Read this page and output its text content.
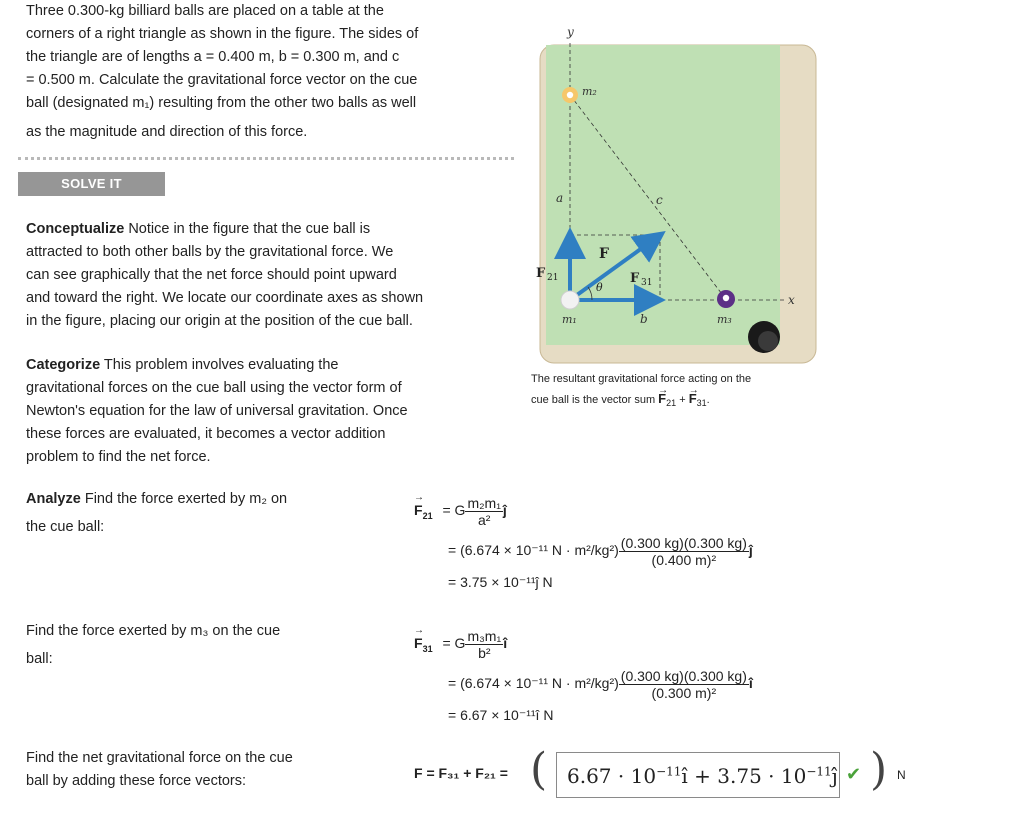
Three 0.300-kg billiard balls are placed on a table at the
corners of a right triangle as shown in the figure. The sides of
the triangle are of lengths a = 0.400 m, b = 0.300 m, and c
= 0.500 m. Calculate the gravitational force vector on the cue
ball (designated m₁) resulting from the other two balls as well
as the magnitude and direction of this force.
SOLVE IT
Conceptualize Notice in the figure that the cue ball is
attracted to both other balls by the gravitational force. We
can see graphically that the net force should point upward
and toward the right. We locate our coordinate axes as shown
in the figure, placing our origin at the position of the cue ball.
Categorize This problem involves evaluating the
gravitational forces on the cue ball using the vector form of
Newton's equation for the law of universal gravitation. Once
these forces are evaluated, it becomes a vector addition
problem to find the net force.
Analyze Find the force exerted by m₂ on
the cue ball:
Find the force exerted by m₃ on the cue
ball:
Find the net gravitational force on the cue
ball by adding these force vectors:
→ $F_{21} = G \frac{\text{m₂m₁}}{\text{a²}}$ ĵ
= (6.674 × 10⁻¹¹ $N \cdot m^2/kg^2) \frac{(0.300 kg)(0.300 kg)}{\text{(0.400 m)²}}$ ĵ
= 3.75 × 10⁻¹¹ĵ N
→ $F_{31} = G \frac{\text{m₃m₁}}{\text{b²}}$ î
= (6.674 × 10⁻¹¹ $N \cdot m^2/kg^2) \frac{(0.300 kg)(0.300 kg)}{\text{(0.300 m)²}}$ î
= 6.67 × 10⁻¹¹î N
F = F₃₁ + F₂₁ = ( $6.67 \cdot 10^{-11}î + 3.75$ · $10^{-11}ĵ$ ✔ ) N
y
x
m₂
m₁	m₃
a
b
c
F
F 21	F 31
θ
The resultant gravitational force acting on the
cue ball is the vector sum → $F_{21}$ + → $F_{31}$.
